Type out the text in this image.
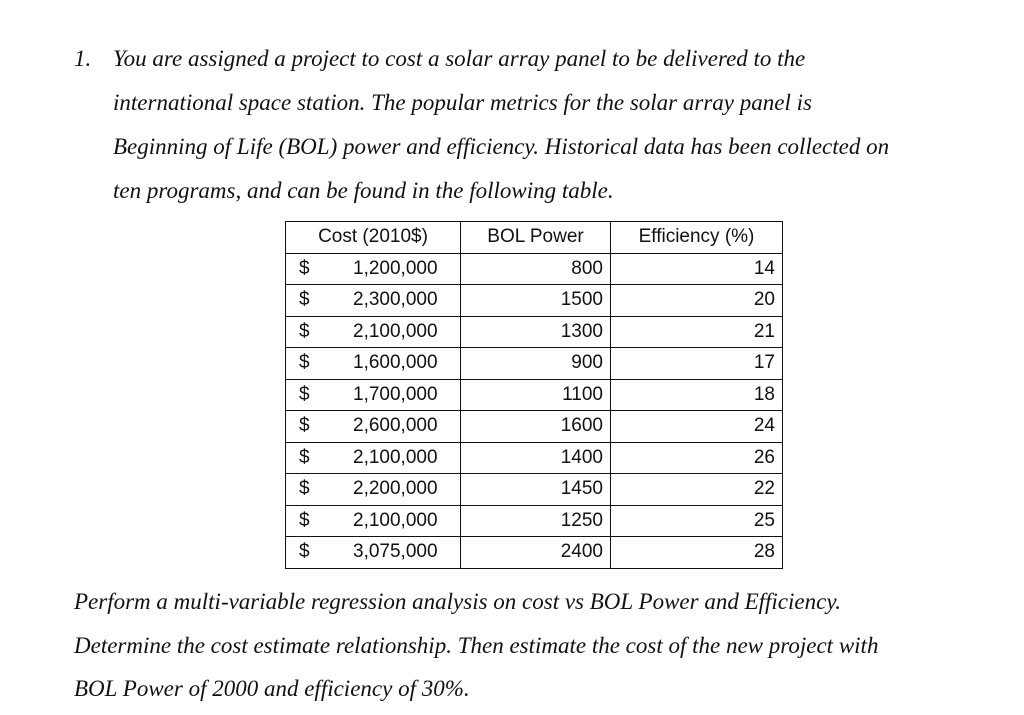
1. You are assigned a project to cost a solar array panel to be delivered to the
international space station. The popular metrics for the solar array panel is
Beginning of Life (BOL) power and efficiency. Historical data has been collected on
ten programs, and can be found in the following table.
Cost (2010$)	BOL Power	Efficiency (%)

$ 1,200,000	800	14

$ 2,300,000	1500	20

$ 2,100,000	1300	21

$ 1,600,000	900	17

$ 1,700,000	1100	18

$ 2,600,000	1600	24

$ 2,100,000	1400	26

$ 2,200,000	1450	22

$ 2,100,000	1250	25

$ 3,075,000	2400	28
Perform a multi-variable regression analysis on cost vs BOL Power and Efficiency.
Determine the cost estimate relationship. Then estimate the cost of the new project with
BOL Power of 2000 and efficiency of 30%.
